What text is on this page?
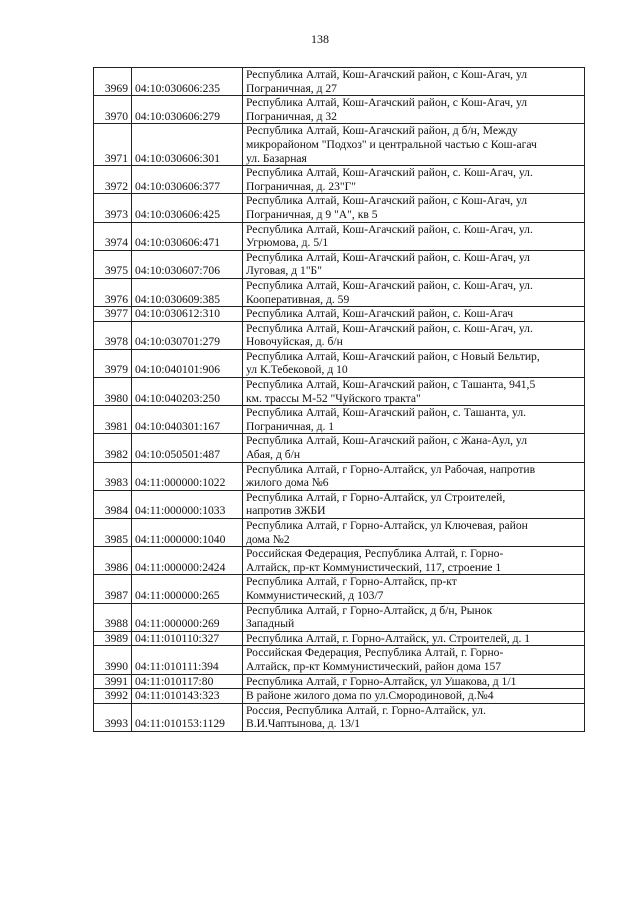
138
3969	04:10:030606:235	Республика Алтай, Кош-Агачский район, с Кош-Агач, ул
Пограничная, д 27

3970	04:10:030606:279	Республика Алтай, Кош-Агачский район, с Кош-Агач, ул
Пограничная, д 32

3971	04:10:030606:301	Республика Алтай, Кош-Агачский район, д б/н, Между
микрорайоном "Подхоз" и центральной частью с Кош-агач
ул. Базарная

3972	04:10:030606:377	Республика Алтай, Кош-Агачский район, с. Кош-Агач, ул.
Пограничная, д. 23"Г"

3973	04:10:030606:425	Республика Алтай, Кош-Агачский район, с Кош-Агач, ул
Пограничная, д 9 "А", кв 5

3974	04:10:030606:471	Республика Алтай, Кош-Агачский район, с. Кош-Агач, ул.
Угрюмова, д. 5/1

3975	04:10:030607:706	Республика Алтай, Кош-Агачский район, с. Кош-Агач, ул
Луговая, д 1"Б"

3976	04:10:030609:385	Республика Алтай, Кош-Агачский район, с. Кош-Агач, ул.
Кооперативная, д. 59

3977	04:10:030612:310	Республика Алтай, Кош-Агачский район, с. Кош-Агач

3978	04:10:030701:279	Республика Алтай, Кош-Агачский район, с. Кош-Агач, ул.
Новочуйская, д. б/н

3979	04:10:040101:906	Республика Алтай, Кош-Агачский район, с Новый Бельтир,
ул К.Тебековой, д 10

3980	04:10:040203:250	Республика Алтай, Кош-Агачский район, с Ташанта, 941,5
км. трассы М-52 "Чуйского тракта"

3981	04:10:040301:167	Республика Алтай, Кош-Агачский район, с. Ташанта, ул.
Пограничная, д. 1

3982	04:10:050501:487	Республика Алтай, Кош-Агачский район, с Жана-Аул, ул
Абая, д б/н

3983	04:11:000000:1022	Республика Алтай, г Горно-Алтайск, ул Рабочая, напротив
жилого дома №6

3984	04:11:000000:1033	Республика Алтай, г Горно-Алтайск, ул Строителей,
напротив ЗЖБИ

3985	04:11:000000:1040	Республика Алтай, г Горно-Алтайск, ул Ключевая, район
дома №2

3986	04:11:000000:2424	Российская Федерация, Республика Алтай, г. Горно-
Алтайск, пр-кт Коммунистический, 117, строение 1

3987	04:11:000000:265	Республика Алтай, г Горно-Алтайск, пр-кт
Коммунистический, д 103/7

3988	04:11:000000:269	Республика Алтай, г Горно-Алтайск, д б/н, Рынок
Западный

3989	04:11:010110:327	Республика Алтай, г. Горно-Алтайск, ул. Строителей, д. 1

3990	04:11:010111:394	Российская Федерация, Республика Алтай, г. Горно-
Алтайск, пр-кт Коммунистический, район дома 157

3991	04:11:010117:80	Республика Алтай, г Горно-Алтайск, ул Ушакова, д 1/1

3992	04:11:010143:323	В районе жилого дома по ул.Смородиновой, д.№4

3993	04:11:010153:1129	Россия, Республика Алтай, г. Горно-Алтайск, ул.
В.И.Чаптынова, д. 13/1
